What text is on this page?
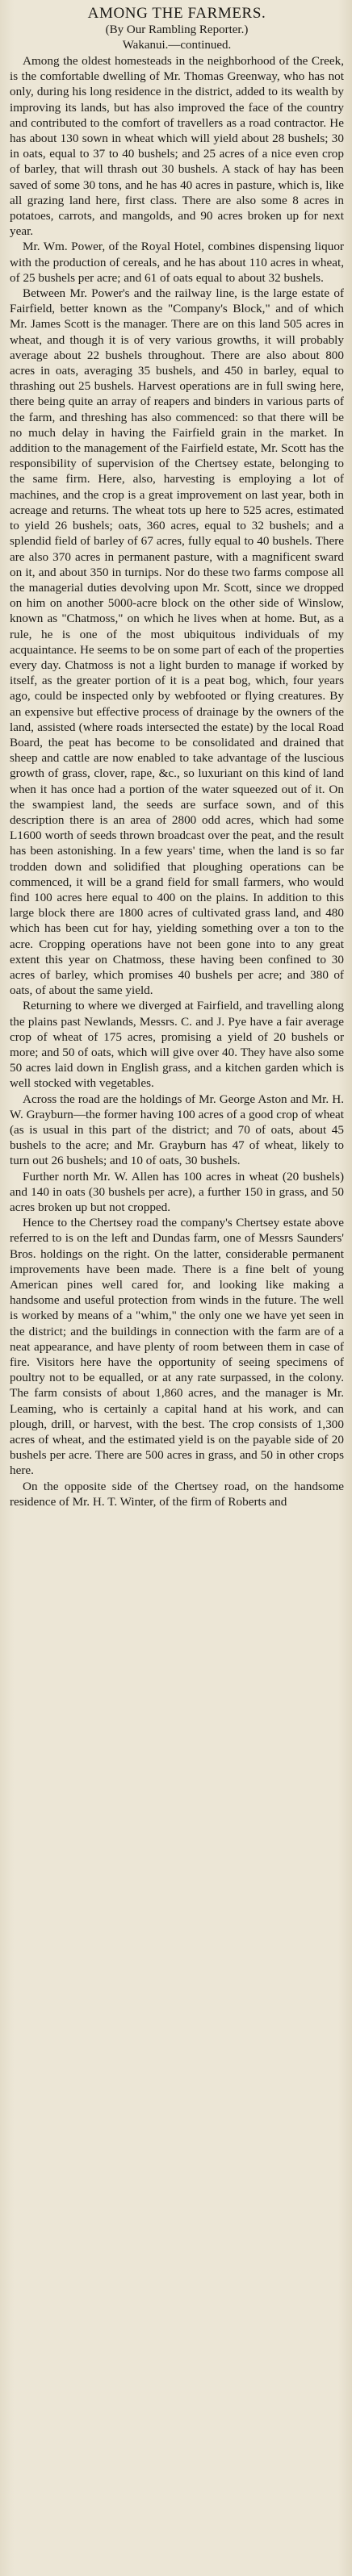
AMONG THE FARMERS.

(By Our Rambling Reporter.)

Wakanui.—continued.

Among the oldest homesteads in the neighborhood of the Creek, is the comfortable dwelling of Mr. Thomas Greenway, who has not only, during his long residence in the district, added to its wealth by improving its lands, but has also improved the face of the country and contributed to the comfort of travellers as a road contractor. He has about 130 sown in wheat which will yield about 28 bushels; 30 in oats, equal to 37 to 40 bushels; and 25 acres of a nice even crop of barley, that will thrash out 30 bushels. A stack of hay has been saved of some 30 tons, and he has 40 acres in pasture, which is, like all grazing land here, first class. There are also some 8 acres in potatoes, carrots, and mangolds, and 90 acres broken up for next year.

Mr. Wm. Power, of the Royal Hotel, combines dispensing liquor with the production of cereals, and he has about 110 acres in wheat, of 25 bushels per acre; and 61 of oats equal to about 32 bushels.

Between Mr. Power's and the railway line, is the large estate of Fairfield, better known as the "Company's Block," and of which Mr. James Scott is the manager. There are on this land 505 acres in wheat, and though it is of very various growths, it will probably average about 22 bushels throughout. There are also about 800 acres in oats, averaging 35 bushels, and 450 in barley, equal to thrashing out 25 bushels. Harvest operations are in full swing here, there being quite an array of reapers and binders in various parts of the farm, and threshing has also commenced: so that there will be no much delay in having the Fairfield grain in the market. In addition to the management of the Fairfield estate, Mr. Scott has the responsibility of supervision of the Chertsey estate, belonging to the same firm. Here, also, harvesting is employing a lot of machines, and the crop is a great improvement on last year, both in acreage and returns. The wheat tots up here to 525 acres, estimated to yield 26 bushels; oats, 360 acres, equal to 32 bushels; and a splendid field of barley of 67 acres, fully equal to 40 bushels. There are also 370 acres in permanent pasture, with a magnificent sward on it, and about 350 in turnips. Nor do these two farms compose all the managerial duties devolving upon Mr. Scott, since we dropped on him on another 5000-acre block on the other side of Winslow, known as "Chatmoss," on which he lives when at home. But, as a rule, he is one of the most ubiquitous individuals of my acquaintance. He seems to be on some part of each of the properties every day. Chatmoss is not a light burden to manage if worked by itself, as the greater portion of it is a peat bog, which, four years ago, could be inspected only by webfooted or flying creatures. By an expensive but effective process of drainage by the owners of the land, assisted (where roads intersected the estate) by the local Road Board, the peat has become to be consolidated and drained that sheep and cattle are now enabled to take advantage of the luscious growth of grass, clover, rape, &c., so luxuriant on this kind of land when it has once had a portion of the water squeezed out of it. On the swampiest land, the seeds are surface sown, and of this description there is an area of 2800 odd acres, which had some L1600 worth of seeds thrown broadcast over the peat, and the result has been astonishing. In a few years' time, when the land is so far trodden down and solidified that ploughing operations can be commenced, it will be a grand field for small farmers, who would find 100 acres here equal to 400 on the plains. In addition to this large block there are 1800 acres of cultivated grass land, and 480 which has been cut for hay, yielding something over a ton to the acre. Cropping operations have not been gone into to any great extent this year on Chatmoss, these having been confined to 30 acres of barley, which promises 40 bushels per acre; and 380 of oats, of about the same yield.

Returning to where we diverged at Fairfield, and travelling along the plains past Newlands, Messrs. C. and J. Pye have a fair average crop of wheat of 175 acres, promising a yield of 20 bushels or more; and 50 of oats, which will give over 40. They have also some 50 acres laid down in English grass, and a kitchen garden which is well stocked with vegetables.

Across the road are the holdings of Mr. George Aston and Mr. H. W. Grayburn—the former having 100 acres of a good crop of wheat (as is usual in this part of the district; and 70 of oats, about 45 bushels to the acre; and Mr. Grayburn has 47 of wheat, likely to turn out 26 bushels; and 10 of oats, 30 bushels.

Further north Mr. W. Allen has 100 acres in wheat (20 bushels) and 140 in oats (30 bushels per acre), a further 150 in grass, and 50 acres broken up but not cropped.

Hence to the Chertsey road the company's Chertsey estate above referred to is on the left and Dundas farm, one of Messrs Saunders' Bros. holdings on the right. On the latter, considerable permanent improvements have been made. There is a fine belt of young American pines well cared for, and looking like making a handsome and useful protection from winds in the future. The well is worked by means of a "whim," the only one we have yet seen in the district; and the buildings in connection with the farm are of a neat appearance, and have plenty of room between them in case of fire. Visitors here have the opportunity of seeing specimens of poultry not to be equalled, or at any rate surpassed, in the colony. The farm consists of about 1,860 acres, and the manager is Mr. Leaming, who is certainly a capital hand at his work, and can plough, drill, or harvest, with the best. The crop consists of 1,300 acres of wheat, and the estimated yield is on the payable side of 20 bushels per acre. There are 500 acres in grass, and 50 in other crops here.

On the opposite side of the Chertsey road, on the handsome residence of Mr. H. T. Winter, of the firm of Roberts and
